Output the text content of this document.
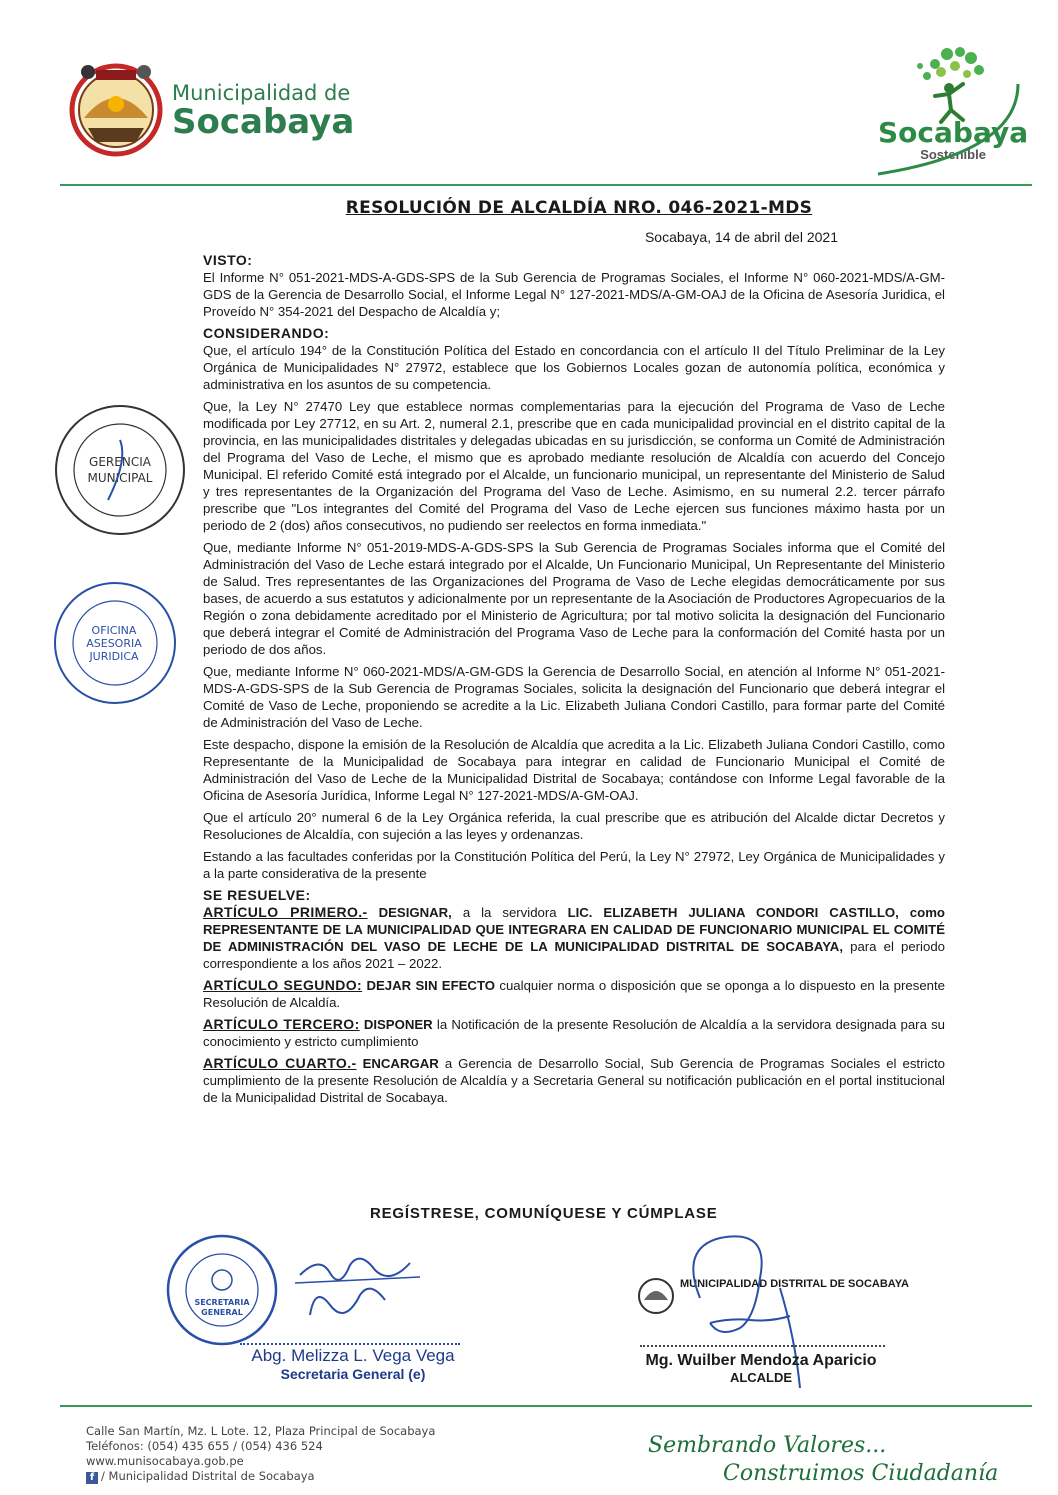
Municipalidad de
Socabaya	Socabaya
Sostenible
RESOLUCIÓN DE ALCALDÍA NRO. 046-2021-MDS
Socabaya, 14 de abril del 2021
VISTO:

El Informe N° 051-2021-MDS-A-GDS-SPS de la Sub Gerencia de Programas Sociales, el Informe N° 060-2021-MDS/A-GM-GDS de la Gerencia de Desarrollo Social, el Informe Legal N° 127-2021-MDS/A-GM-OAJ de la Oficina de Asesoría Juridica, el Proveído N° 354-2021 del Despacho de Alcaldía y;

CONSIDERANDO:

Que, el artículo 194° de la Constitución Política del Estado en concordancia con el artículo II del Título Preliminar de la Ley Orgánica de Municipalidades N° 27972, establece que los Gobiernos Locales gozan de autonomía política, económica y administrativa en los asuntos de su competencia.

Que, la Ley N° 27470 Ley que establece normas complementarias para la ejecución del Programa de Vaso de Leche modificada por Ley 27712, en su Art. 2, numeral 2.1, prescribe que en cada municipalidad provincial en el distrito capital de la provincia, en las municipalidades distritales y delegadas ubicadas en su jurisdicción, se conforma un Comité de Administración del Programa del Vaso de Leche, el mismo que es aprobado mediante resolución de Alcaldía con acuerdo del Concejo Municipal. El referido Comité está integrado por el Alcalde, un funcionario municipal, un representante del Ministerio de Salud y tres representantes de la Organización del Programa del Vaso de Leche. Asimismo, en su numeral 2.2. tercer párrafo prescribe que "Los integrantes del Comité del Programa del Vaso de Leche ejercen sus funciones máximo hasta por un periodo de 2 (dos) años consecutivos, no pudiendo ser reelectos en forma inmediata."

Que, mediante Informe N° 051-2019-MDS-A-GDS-SPS la Sub Gerencia de Programas Sociales informa que el Comité del Administración del Vaso de Leche estará integrado por el Alcalde, Un Funcionario Municipal, Un Representante del Ministerio de Salud. Tres representantes de las Organizaciones del Programa de Vaso de Leche elegidas democráticamente por sus bases, de acuerdo a sus estatutos y adicionalmente por un representante de la Asociación de Productores Agropecuarios de la Región o zona debidamente acreditado por el Ministerio de Agricultura; por tal motivo solicita la designación del Funcionario que deberá integrar el Comité de Administración del Programa Vaso de Leche para la conformación del Comité hasta por un periodo de dos años.

Que, mediante Informe N° 060-2021-MDS/A-GM-GDS la Gerencia de Desarrollo Social, en atención al Informe N° 051-2021-MDS-A-GDS-SPS de la Sub Gerencia de Programas Sociales, solicita la designación del Funcionario que deberá integrar el Comité de Vaso de Leche, proponiendo se acredite a la Lic. Elizabeth Juliana Condori Castillo, para formar parte del Comité de Administración del Vaso de Leche.

Este despacho, dispone la emisión de la Resolución de Alcaldía que acredita a la Lic. Elizabeth Juliana Condori Castillo, como Representante de la Municipalidad de Socabaya para integrar en calidad de Funcionario Municipal el Comité de Administración del Vaso de Leche de la Municipalidad Distrital de Socabaya; contándose con Informe Legal favorable de la Oficina de Asesoría Jurídica, Informe Legal N° 127-2021-MDS/A-GM-OAJ.

Que el artículo 20° numeral 6 de la Ley Orgánica referida, la cual prescribe que es atribución del Alcalde dictar Decretos y Resoluciones de Alcaldía, con sujeción a las leyes y ordenanzas.

Estando a las facultades conferidas por la Constitución Política del Perú, la Ley N° 27972, Ley Orgánica de Municipalidades y a la parte considerativa de la presente

SE RESUELVE:

ARTÍCULO PRIMERO.- DESIGNAR, a la servidora LIC. ELIZABETH JULIANA CONDORI CASTILLO, como REPRESENTANTE DE LA MUNICIPALIDAD QUE INTEGRARA EN CALIDAD DE FUNCIONARIO MUNICIPAL EL COMITÉ DE ADMINISTRACIÓN DEL VASO DE LECHE DE LA MUNICIPALIDAD DISTRITAL DE SOCABAYA, para el periodo correspondiente a los años 2021 – 2022.

ARTÍCULO SEGUNDO: DEJAR SIN EFECTO cualquier norma o disposición que se oponga a lo dispuesto en la presente Resolución de Alcaldía.

ARTÍCULO TERCERO: DISPONER la Notificación de la presente Resolución de Alcaldía a la servidora designada para su conocimiento y estricto cumplimiento

ARTÍCULO CUARTO.- ENCARGAR a Gerencia de Desarrollo Social, Sub Gerencia de Programas Sociales el estricto cumplimiento de la presente Resolución de Alcaldía y a Secretaria General su notificación publicación en el portal institucional de la Municipalidad Distrital de Socabaya.

REGÍSTRESE, COMUNÍQUESE Y CÚMPLASE
GERENCIA
MUNICIPAL
OFICINA
ASESORIA
JURIDICA
SECRETARIA
GENERAL
Abg. Melizza L. Vega Vega
Secretaria General (e)
MUNICIPALIDAD DISTRITAL DE SOCABAYA
Mg. Wuilber Mendoza Aparicio
ALCALDE
Calle San Martín, Mz. L Lote. 12, Plaza Principal de Socabaya
Teléfonos: (054) 435 655 / (054) 436 524
www.munisocabaya.gob.pe
f / Municipalidad Distrital de Socabaya
Sembrando Valores...
Construimos Ciudadanía
